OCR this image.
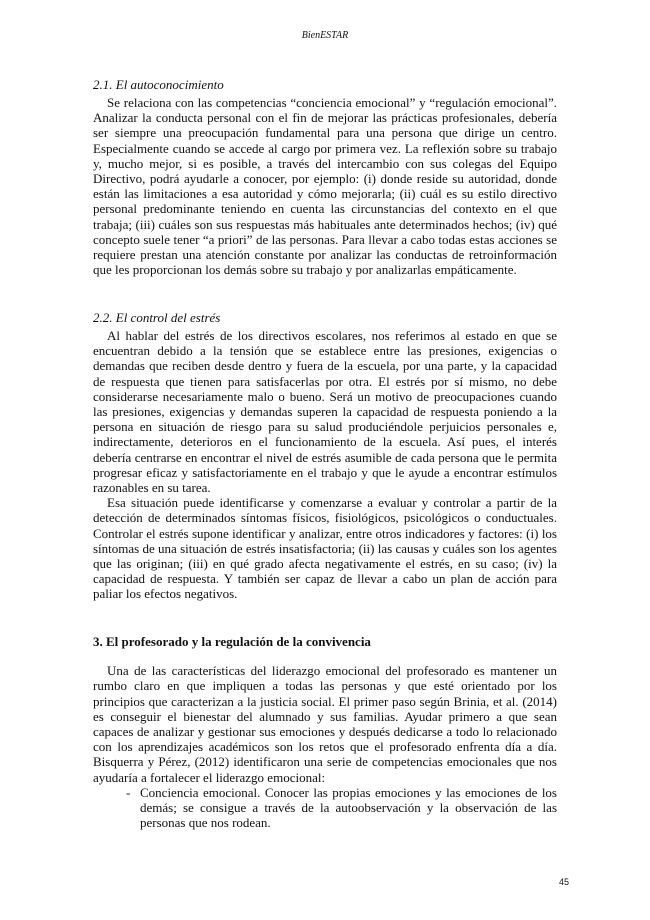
BienESTAR
2.1. El autoconocimiento

Se relaciona con las competencias “conciencia emocional” y “regulación emocional”. Analizar la conducta personal con el fin de mejorar las prácticas profesionales, debería ser siempre una preocupación fundamental para una persona que dirige un centro. Especialmente cuando se accede al cargo por primera vez. La reflexión sobre su trabajo y, mucho mejor, si es posible, a través del intercambio con sus colegas del Equipo Directivo, podrá ayudarle a conocer, por ejemplo: (i) donde reside su autoridad, donde están las limitaciones a esa autoridad y cómo mejorarla; (ii) cuál es su estilo directivo personal predominante teniendo en cuenta las circunstancias del contexto en el que trabaja; (iii) cuáles son sus respuestas más habituales ante determinados hechos; (iv) qué concepto suele tener “a priori” de las personas. Para llevar a cabo todas estas acciones se requiere prestan una atención constante por analizar las conductas de retroinformación que les proporcionan los demás sobre su trabajo y por analizarlas empáticamente.

2.2. El control del estrés

Al hablar del estrés de los directivos escolares, nos referimos al estado en que se encuentran debido a la tensión que se establece entre las presiones, exigencias o demandas que reciben desde dentro y fuera de la escuela, por una parte, y la capacidad de respuesta que tienen para satisfacerlas por otra. El estrés por sí mismo, no debe considerarse necesariamente malo o bueno. Será un motivo de preocupaciones cuando las presiones, exigencias y demandas superen la capacidad de respuesta poniendo a la persona en situación de riesgo para su salud produciéndole perjuicios personales e, indirectamente, deterioros en el funcionamiento de la escuela. Así pues, el interés debería centrarse en encontrar el nivel de estrés asumible de cada persona que le permita progresar eficaz y satisfactoriamente en el trabajo y que le ayude a encontrar estímulos razonables en su tarea.

Esa situación puede identificarse y comenzarse a evaluar y controlar a partir de la detección de determinados síntomas físicos, fisiológicos, psicológicos o conductuales. Controlar el estrés supone identificar y analizar, entre otros indicadores y factores: (i) los síntomas de una situación de estrés insatisfactoria; (ii) las causas y cuáles son los agentes que las originan; (iii) en qué grado afecta negativamente el estrés, en su caso; (iv) la capacidad de respuesta. Y también ser capaz de llevar a cabo un plan de acción para paliar los efectos negativos.

3. El profesorado y la regulación de la convivencia

Una de las características del liderazgo emocional del profesorado es mantener un rumbo claro en que impliquen a todas las personas y que esté orientado por los principios que caracterizan a la justicia social. El primer paso según Brinia, et al. (2014) es conseguir el bienestar del alumnado y sus familias. Ayudar primero a que sean capaces de analizar y gestionar sus emociones y después dedicarse a todo lo relacionado con los aprendizajes académicos son los retos que el profesorado enfrenta día a día. Bisquerra y Pérez, (2012) identificaron una serie de competencias emocionales que nos ayudaría a fortalecer el liderazgo emocional:

- Conciencia emocional. Conocer las propias emociones y las emociones de los demás; se consigue a través de la autoobservación y la observación de las personas que nos rodean.
45
